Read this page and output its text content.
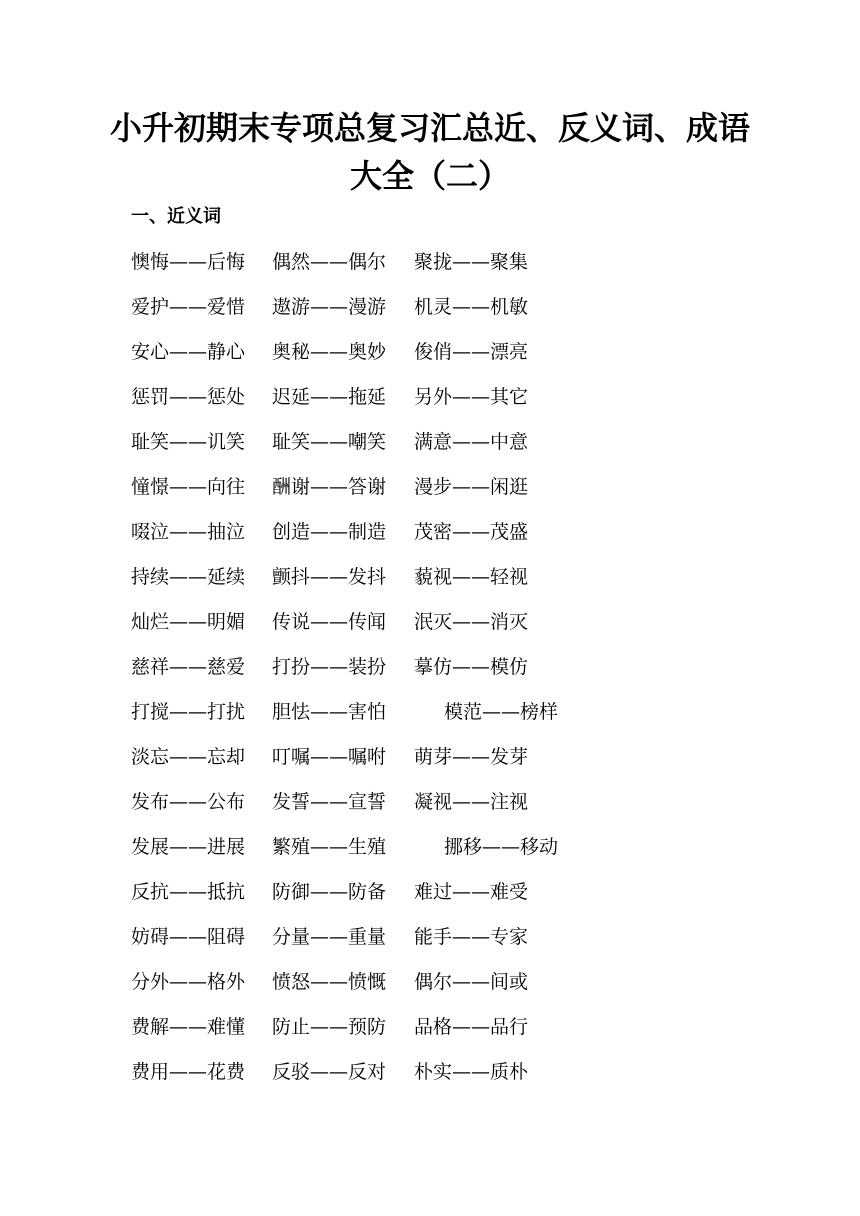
小升初期末专项总复习汇总近、反义词、成语大全（二）
一、近义词
懊悔——后悔 偶然——偶尔 聚拢——聚集
爱护——爱惜 遨游——漫游 机灵——机敏
安心——静心 奥秘——奥妙 俊俏——漂亮
惩罚——惩处 迟延——拖延 另外——其它
耻笑——讥笑 耻笑——嘲笑 满意——中意
憧憬——向往 酬谢——答谢 漫步——闲逛
啜泣——抽泣 创造——制造 茂密——茂盛
持续——延续 颤抖——发抖 藐视——轻视
灿烂——明媚 传说——传闻 泯灭——消灭
慈祥——慈爱 打扮——装扮 摹仿——模仿
打搅——打扰 胆怯——害怕	模范——榜样
淡忘——忘却 叮嘱——嘱咐 萌芽——发芽
发布——公布 发誓——宣誓 凝视——注视
发展——进展 繁殖——生殖	挪移——移动
反抗——抵抗 防御——防备 难过——难受
妨碍——阻碍 分量——重量 能手——专家
分外——格外 愤怒——愤慨 偶尔——间或
费解——难懂 防止——预防 品格——品行
费用——花费 反驳——反对 朴实——质朴
